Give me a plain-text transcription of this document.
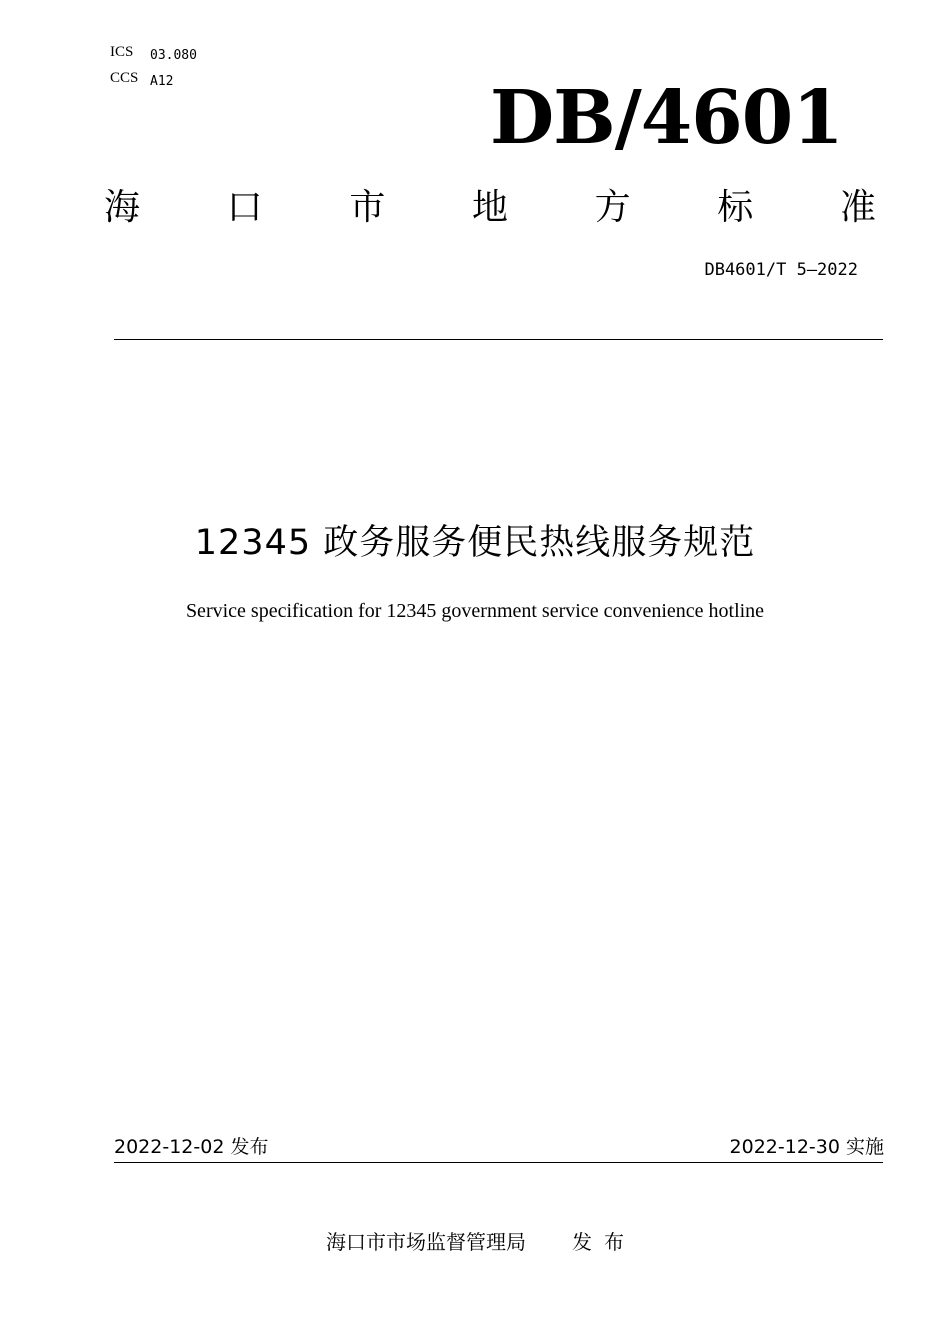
ICS 03.080
CCS A12	DB/4601
海 口 市 地 方 标 准
DB4601/T 5—2022
12345 政务服务便民热线服务规范
Service specification for 12345 government service convenience hotline
2022-12-02 发布	2022-12-30 实施
海口市市场监督管理局 发 布
